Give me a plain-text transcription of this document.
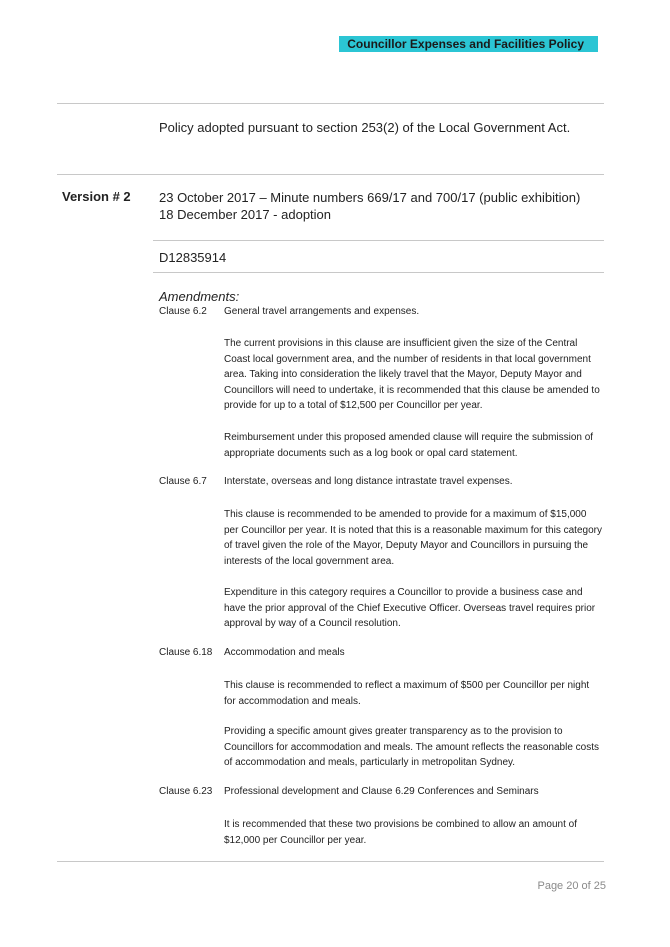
Councillor Expenses and Facilities Policy
Policy adopted pursuant to section 253(2) of the Local Government Act.
Version # 2 23 October 2017 – Minute numbers 669/17 and 700/17 (public exhibition)
18 December 2017 - adoption
D12835914
Amendments:
Clause 6.2 General travel arrangements and expenses.
The current provisions in this clause are insufficient given the size of the Central Coast local government area, and the number of residents in that local government area. Taking into consideration the likely travel that the Mayor, Deputy Mayor and Councillors will need to undertake, it is recommended that this clause be amended to provide for up to a total of $12,500 per Councillor per year.
Reimbursement under this proposed amended clause will require the submission of appropriate documents such as a log book or opal card statement.
Clause 6.7 Interstate, overseas and long distance intrastate travel expenses.
This clause is recommended to be amended to provide for a maximum of $15,000 per Councillor per year. It is noted that this is a reasonable maximum for this category of travel given the role of the Mayor, Deputy Mayor and Councillors in pursuing the interests of the local government area.
Expenditure in this category requires a Councillor to provide a business case and have the prior approval of the Chief Executive Officer. Overseas travel requires prior approval by way of a Council resolution.
Clause 6.18 Accommodation and meals
This clause is recommended to reflect a maximum of $500 per Councillor per night for accommodation and meals.
Providing a specific amount gives greater transparency as to the provision to Councillors for accommodation and meals. The amount reflects the reasonable costs of accommodation and meals, particularly in metropolitan Sydney.
Clause 6.23 Professional development and Clause 6.29 Conferences and Seminars
It is recommended that these two provisions be combined to allow an amount of $12,000 per Councillor per year.
Page 20 of 25
